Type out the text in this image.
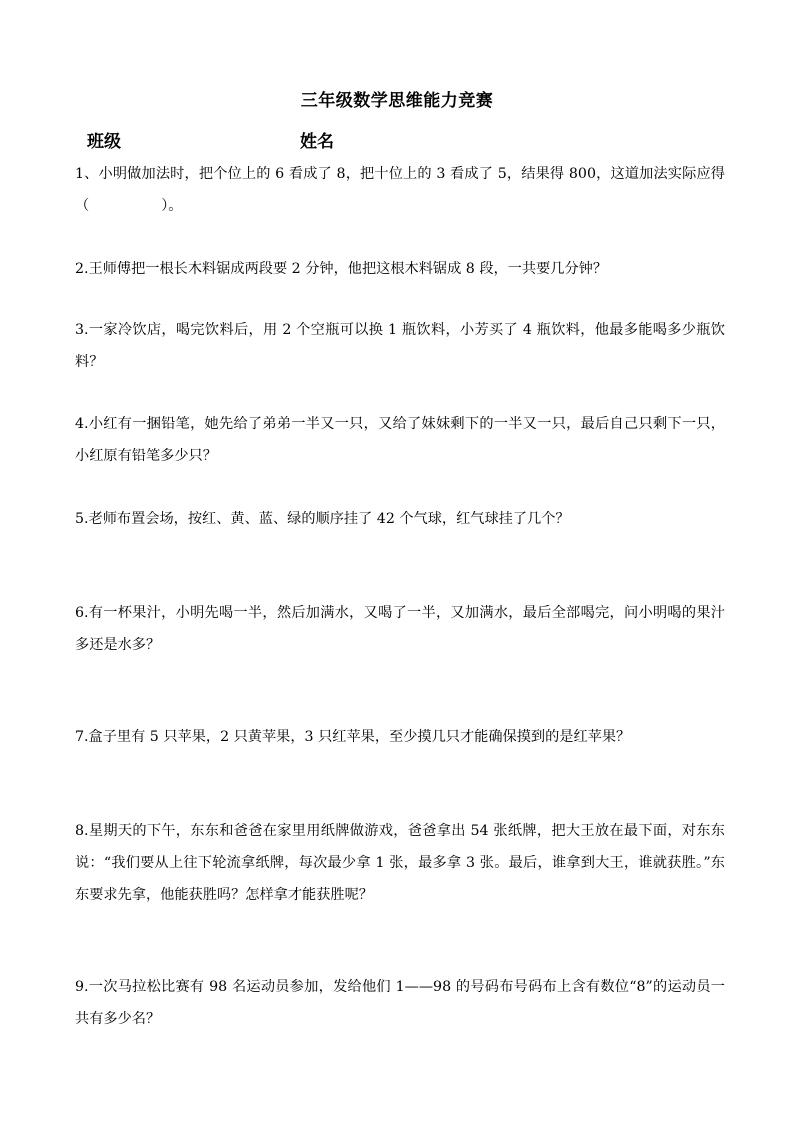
三年级数学思维能力竞赛
班级	姓名

1、小明做加法时，把个位上的 6 看成了 8，把十位上的 3 看成了 5，结果得 800，这道加法实际应得（	）。

2.王师傅把一根长木料锯成两段要 2 分钟，他把这根木料锯成 8 段，一共要几分钟？

3.一家冷饮店，喝完饮料后，用 2 个空瓶可以换 1 瓶饮料，小芳买了 4 瓶饮料，他最多能喝多少瓶饮料？

4.小红有一捆铅笔，她先给了弟弟一半又一只，又给了妹妹剩下的一半又一只，最后自己只剩下一只，小红原有铅笔多少只？

5.老师布置会场，按红、黄、蓝、绿的顺序挂了 42 个气球，红气球挂了几个？

6.有一杯果汁，小明先喝一半，然后加满水，又喝了一半，又加满水，最后全部喝完，问小明喝的果汁多还是水多？

7.盒子里有 5 只苹果，2 只黄苹果，3 只红苹果，至少摸几只才能确保摸到的是红苹果？

8.星期天的下午，东东和爸爸在家里用纸牌做游戏，爸爸拿出 54 张纸牌，把大王放在最下面，对东东说：“我们要从上往下轮流拿纸牌，每次最少拿 1 张，最多拿 3 张。最后，谁拿到大王，谁就获胜。”东东要求先拿，他能获胜吗？怎样拿才能获胜呢？

9.一次马拉松比赛有 98 名运动员参加，发给他们 1——98 的号码布号码布上含有数位“8”的运动员一共有多少名？
